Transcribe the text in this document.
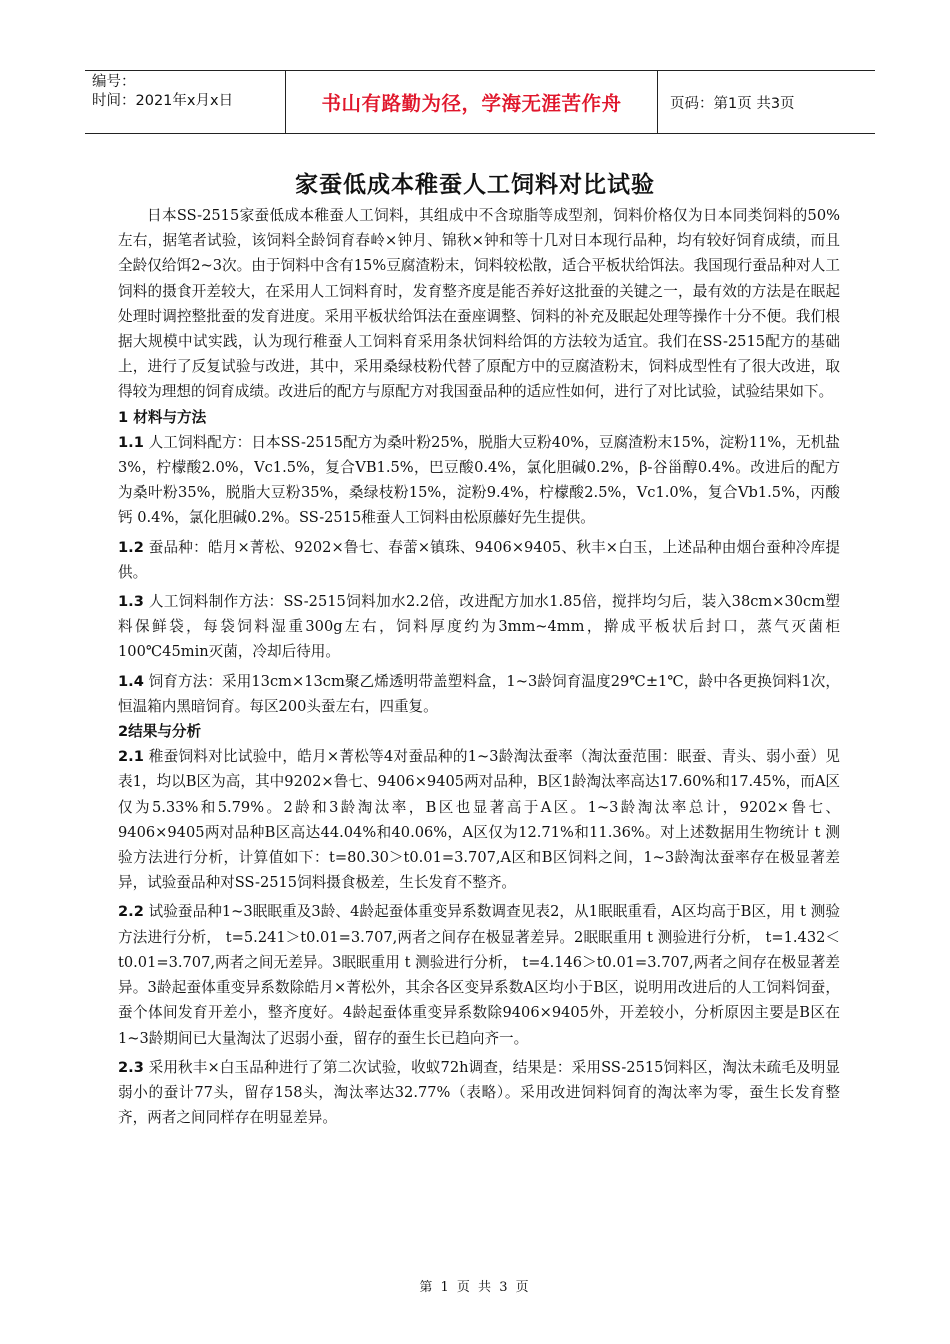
编号：
时间：2021年x月x日	书山有路勤为径，学海无涯苦作舟	页码：第1页 共3页
家蚕低成本稚蚕人工饲料对比试验

日本SS-2515家蚕低成本稚蚕人工饲料，其组成中不含琼脂等成型剂，饲料价格仅为日本同类饲料的50%左右，据笔者试验，该饲料全龄饲育春岭×钟月、锦秋×钟和等十几对日本现行品种，均有较好饲育成绩，而且全龄仅给饵2~3次。由于饲料中含有15%豆腐渣粉末，饲料较松散，适合平板状给饵法。我国现行蚕品种对人工饲料的摄食开差较大，在采用人工饲料育时，发育整齐度是能否养好这批蚕的关键之一，最有效的方法是在眠起处理时调控整批蚕的发育进度。采用平板状给饵法在蚕座调整、饲料的补充及眠起处理等操作十分不便。我们根据大规模中试实践，认为现行稚蚕人工饲料育采用条状饲料给饵的方法较为适宜。我们在SS-2515配方的基础上，进行了反复试验与改进，其中，采用桑绿枝粉代替了原配方中的豆腐渣粉末，饲料成型性有了很大改进，取得较为理想的饲育成绩。改进后的配方与原配方对我国蚕品种的适应性如何，进行了对比试验，试验结果如下。

1 材料与方法

1.1 人工饲料配方：日本SS-2515配方为桑叶粉25%，脱脂大豆粉40%，豆腐渣粉末15%，淀粉11%，无机盐3%，柠檬酸2.0%，Vc1.5%，复合VB1.5%，巴豆酸0.4%，氯化胆碱0.2%，β-谷甾醇0.4%。改进后的配方为桑叶粉35%，脱脂大豆粉35%，桑绿枝粉15%，淀粉9.4%，柠檬酸2.5%，Vc1.0%，复合Vb1.5%，丙酸钙 0.4%，氯化胆碱0.2%。SS-2515稚蚕人工饲料由松原藤好先生提供。

1.2 蚕品种：皓月×菁松、9202×鲁七、春蕾×镇珠、9406×9405、秋丰×白玉，上述品种由烟台蚕种冷库提供。

1.3 人工饲料制作方法：SS-2515饲料加水2.2倍，改进配方加水1.85倍，搅拌均匀后，装入38cm×30cm塑料保鲜袋，每袋饲料湿重300g左右，饲料厚度约为3mm~4mm，擀成平板状后封口，蒸气灭菌柜100℃45min灭菌，冷却后待用。

1.4 饲育方法：采用13cm×13cm聚乙烯透明带盖塑料盒，1~3龄饲育温度29℃±1℃，龄中各更换饲料1次，恒温箱内黑暗饲育。每区200头蚕左右，四重复。

2结果与分析

2.1 稚蚕饲料对比试验中，皓月×菁松等4对蚕品种的1~3龄淘汰蚕率（淘汰蚕范围：眠蚕、青头、弱小蚕）见表1，均以B区为高，其中9202×鲁七、9406×9405两对品种，B区1龄淘汰率高达17.60%和17.45%，而A区仅为5.33%和5.79%。2龄和3龄淘汰率，B区也显著高于A区。1~3龄淘汰率总计，9202×鲁七、9406×9405两对品种B区高达44.04%和40.06%，A区仅为12.71%和11.36%。对上述数据用生物统计 t 测验方法进行分析，计算值如下：t=80.30＞t0.01=3.707,A区和B区饲料之间，1~3龄淘汰蚕率存在极显著差异，试验蚕品种对SS-2515饲料摄食极差，生长发育不整齐。

2.2 试验蚕品种1~3眠眠重及3龄、4龄起蚕体重变异系数调查见表2，从1眠眠重看，A区均高于B区，用 t 测验方法进行分析， t=5.241＞t0.01=3.707,两者之间存在极显著差异。2眠眠重用 t 测验进行分析， t=1.432＜t0.01=3.707,两者之间无差异。3眠眠重用 t 测验进行分析， t=4.146＞t0.01=3.707,两者之间存在极显著差异。3龄起蚕体重变异系数除皓月×菁松外，其余各区变异系数A区均小于B区，说明用改进后的人工饲料饲蚕，蚕个体间发育开差小，整齐度好。4龄起蚕体重变异系数除9406×9405外，开差较小，分析原因主要是B区在1~3龄期间已大量淘汰了迟弱小蚕，留存的蚕生长已趋向齐一。

2.3 采用秋丰×白玉品种进行了第二次试验，收蚁72h调查，结果是：采用SS-2515饲料区，淘汰未疏毛及明显弱小的蚕计77头，留存158头，淘汰率达32.77%（表略）。采用改进饲料饲育的淘汰率为零，蚕生长发育整齐，两者之间同样存在明显差异。

第 1 页 共 3 页
